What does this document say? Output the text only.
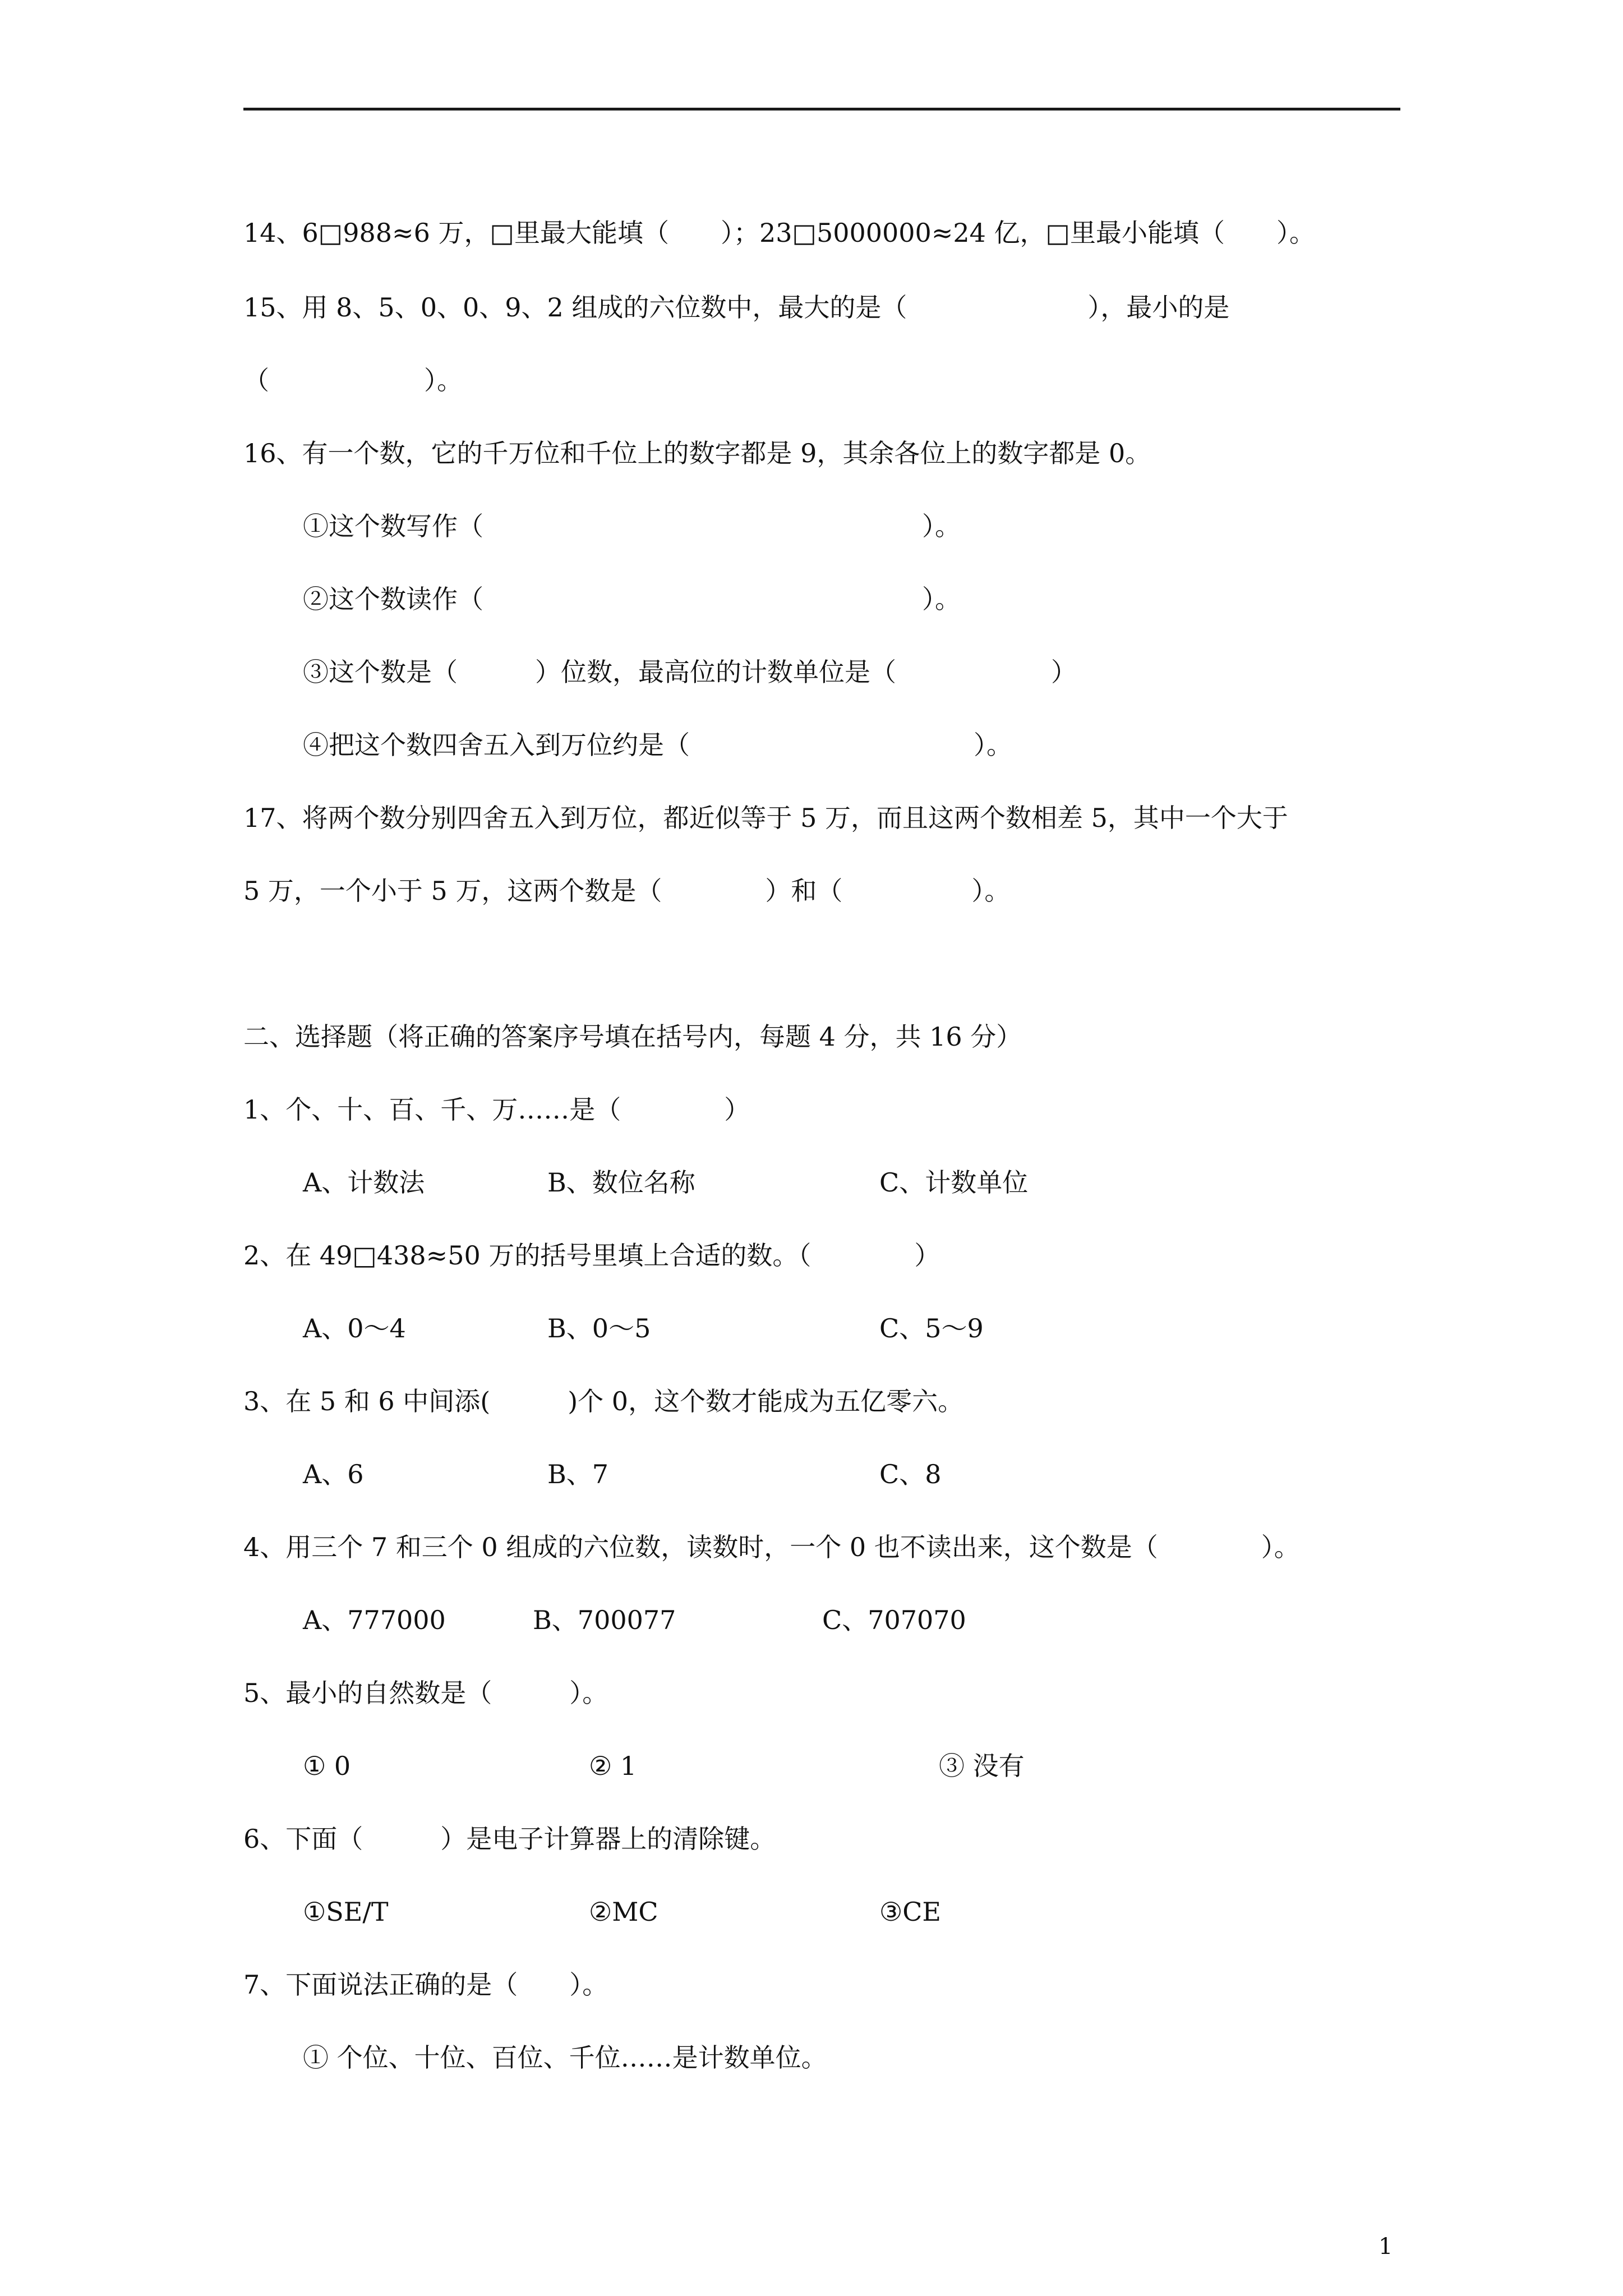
14、6□988≈6 万，□里最大能填（　　）；23□5000000≈24 亿，□里最小能填（　　）。

15、用 8、5、0、0、9、2 组成的六位数中，最大的是（　　　　　　　），最小的是

（　　　　　　）。

16、有一个数，它的千万位和千位上的数字都是 9，其余各位上的数字都是 0。

①这个数写作（　　　　　　　　　　　　　　　　　）。

②这个数读作（　　　　　　　　　　　　　　　　　）。

③这个数是（　　　）位数，最高位的计数单位是（　　　　　　）

④把这个数四舍五入到万位约是（　　　　　　　　　　　）。

17、将两个数分别四舍五入到万位，都近似等于 5 万，而且这两个数相差 5，其中一个大于

5 万，一个小于 5 万，这两个数是（　　　　）和（　　　　　）。

二、选择题（将正确的答案序号填在括号内，每题 4 分，共 16 分）

1、个、十、百、千、万……是（　　　　）

A、计数法	B、数位名称	C、计数单位

2、在 49□438≈50 万的括号里填上合适的数。（　　　　）

A、0～4	B、0～5	C、5～9

3、在 5 和 6 中间添(　　　)个 0，这个数才能成为五亿零六。

A、6	B、7	C、8

4、用三个 7 和三个 0 组成的六位数，读数时，一个 0 也不读出来，这个数是（　　　　）。

A、777000	B、700077	C、707070

5、最小的自然数是（　　　）。

① 0	② 1	③ 没有

6、下面（　　　）是电子计算器上的清除键。

①SE/T	②MC	③CE

7、下面说法正确的是（　　）。

① 个位、十位、百位、千位……是计数单位。
1
